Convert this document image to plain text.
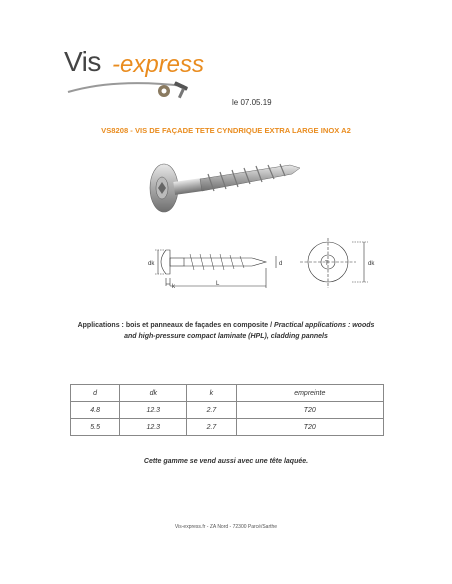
Vis -express
le 07.05.19
VS8208 - VIS DE FAÇADE TETE CYNDRIQUE EXTRA LARGE INOX A2
dk
k	L
d	T	dk
Applications : bois et panneaux de façades en composite / Practical applications : woods
and high-pressure compact laminate (HPL), cladding pannels
d	dk	k	empreinte
4.8	12.3	2.7	T20
5.5	12.3	2.7	T20
Cette gamme se vend aussi avec une tête laquée.
Vis-express.fr - ZA Nord - 72300 Parcé/Sarthe
